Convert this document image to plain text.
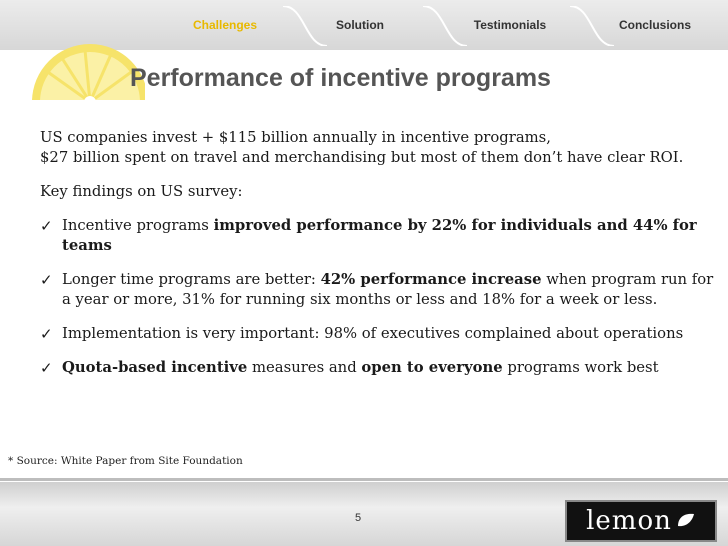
Challenges	Solution	Testimonials	Conclusions
Performance of incentive programs
US companies invest + $115 billion annually in incentive programs,
$27 billion spent on travel and merchandising but most of them don’t have clear ROI.
Key findings on US survey:
✓ Incentive programs improved performance by 22% for individuals and 44% for teams
✓ Longer time programs are better: 42% performance increase when program run for a year or more, 31% for running six months or less and 18% for a week or less.
✓ Implementation is very important: 98% of executives complained about operations
✓ Quota-based incentive measures and open to everyone programs work best
* Source: White Paper from Site Foundation
5	lemon
